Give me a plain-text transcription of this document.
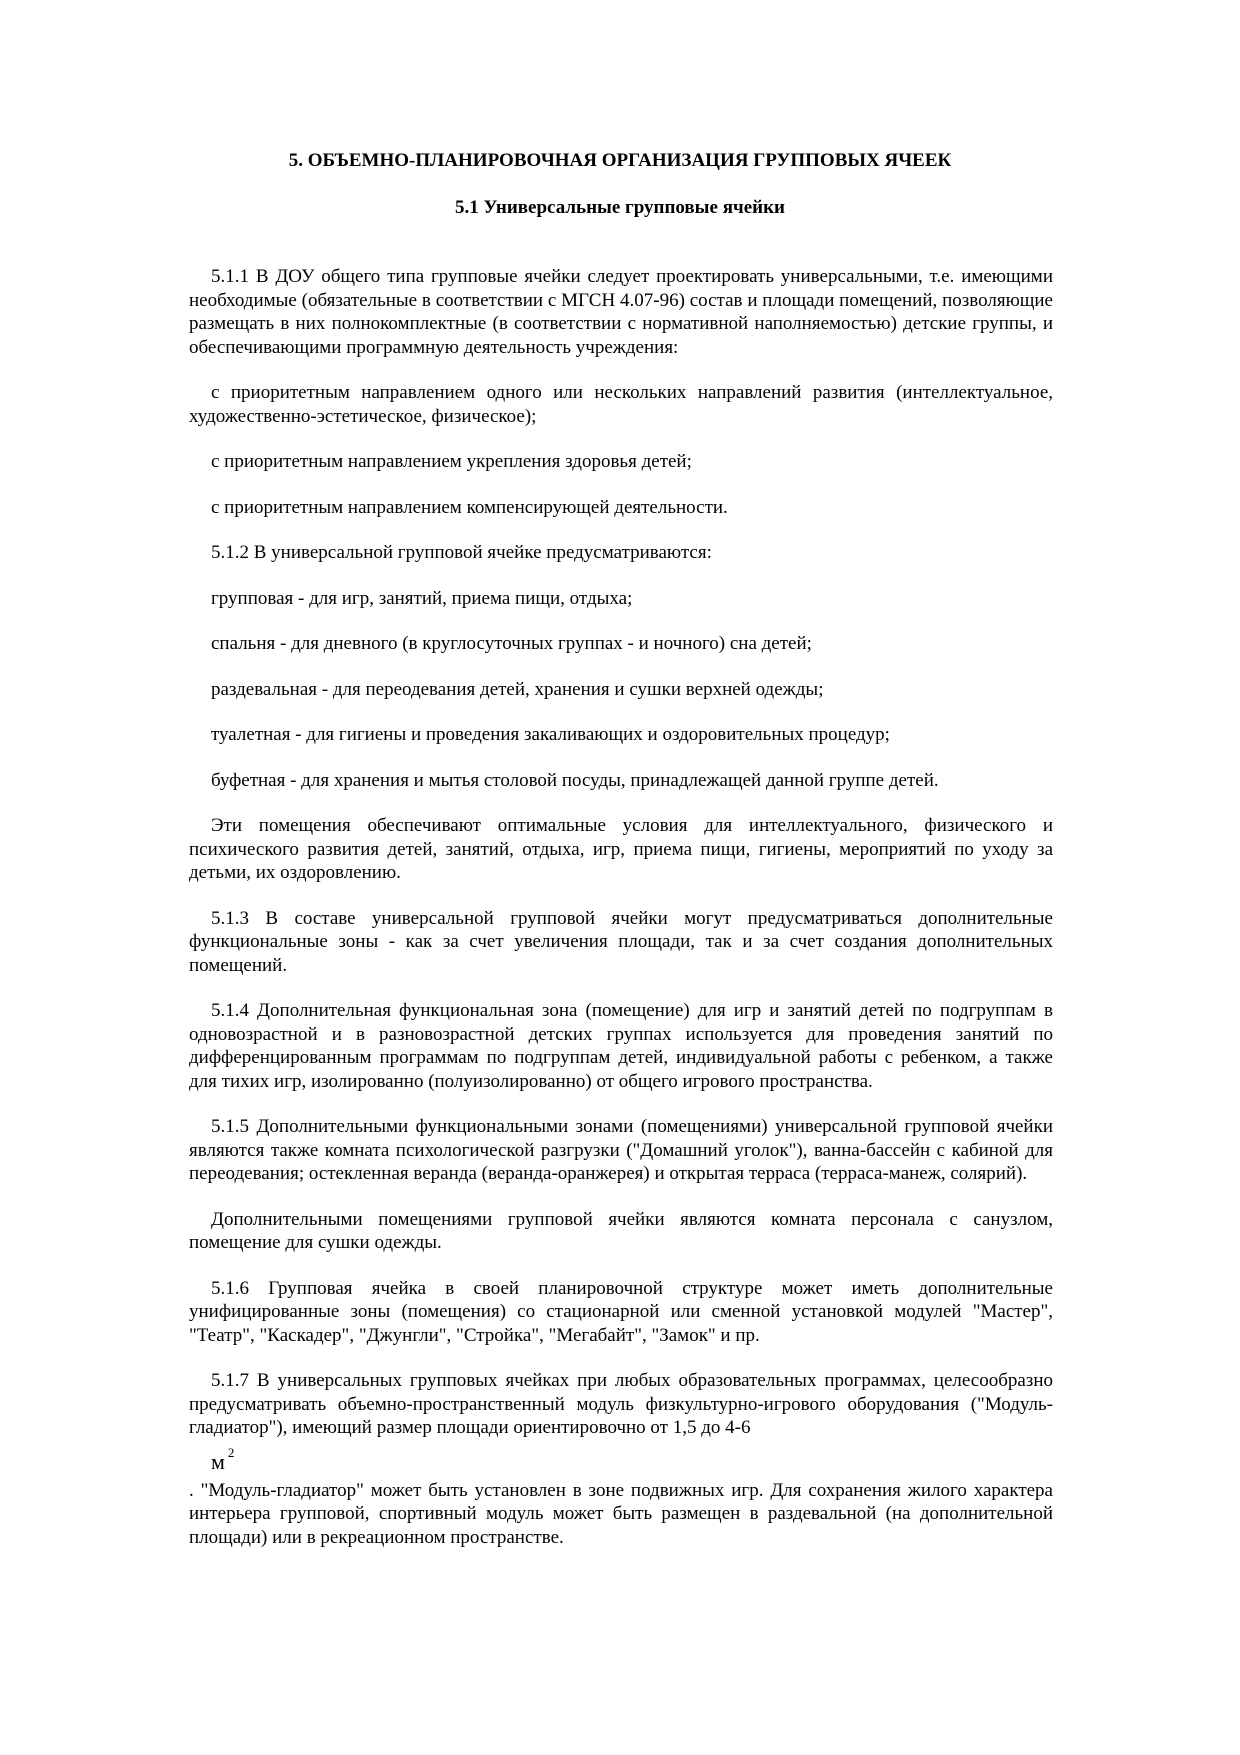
5. ОБЪЕМНО-ПЛАНИРОВОЧНАЯ ОРГАНИЗАЦИЯ ГРУППОВЫХ ЯЧЕЕК
5.1 Универсальные групповые ячейки

5.1.1 В ДОУ общего типа групповые ячейки следует проектировать универсальными, т.е. имеющими необходимые (обязательные в соответствии с МГСН 4.07-96) состав и площади помещений, позволяющие размещать в них полнокомплектные (в соответствии с нормативной наполняемостью) детские группы, и обеспечивающими программную деятельность учреждения:

с приоритетным направлением одного или нескольких направлений развития (интеллектуальное, художественно-эстетическое, физическое);

с приоритетным направлением укрепления здоровья детей;

с приоритетным направлением компенсирующей деятельности.

5.1.2 В универсальной групповой ячейке предусматриваются:

групповая - для игр, занятий, приема пищи, отдыха;

спальня - для дневного (в круглосуточных группах - и ночного) сна детей;

раздевальная - для переодевания детей, хранения и сушки верхней одежды;

туалетная - для гигиены и проведения закаливающих и оздоровительных процедур;

буфетная - для хранения и мытья столовой посуды, принадлежащей данной группе детей.

Эти помещения обеспечивают оптимальные условия для интеллектуального, физического и психического развития детей, занятий, отдыха, игр, приема пищи, гигиены, мероприятий по уходу за детьми, их оздоровлению.

5.1.3 В составе универсальной групповой ячейки могут предусматриваться дополнительные функциональные зоны - как за счет увеличения площади, так и за счет создания дополнительных помещений.

5.1.4 Дополнительная функциональная зона (помещение) для игр и занятий детей по подгруппам в одновозрастной и в разновозрастной детских группах используется для проведения занятий по дифференцированным программам по подгруппам детей, индивидуальной работы с ребенком, а также для тихих игр, изолированно (полуизолированно) от общего игрового пространства.

5.1.5 Дополнительными функциональными зонами (помещениями) универсальной групповой ячейки являются также комната психологической разгрузки ("Домашний уголок"), ванна-бассейн с кабиной для переодевания; остекленная веранда (веранда-оранжерея) и открытая терраса (терраса-манеж, солярий).

Дополнительными помещениями групповой ячейки являются комната персонала с санузлом, помещение для сушки одежды.

5.1.6 Групповая ячейка в своей планировочной структуре может иметь дополнительные унифицированные зоны (помещения) со стационарной или сменной установкой модулей "Мастер", "Театр", "Каскадер", "Джунгли", "Стройка", "Мегабайт", "Замок" и пр.

5.1.7 В универсальных групповых ячейках при любых образовательных программах, целесообразно предусматривать объемно-пространственный модуль физкультурно-игрового оборудования ("Модуль-гладиатор"), имеющий размер площади ориентировочно от 1,5 до 4-6

м $^2$

. "Модуль-гладиатор" может быть установлен в зоне подвижных игр. Для сохранения жилого характера интерьера групповой, спортивный модуль может быть размещен в раздевальной (на дополнительной площади) или в рекреационном пространстве.
